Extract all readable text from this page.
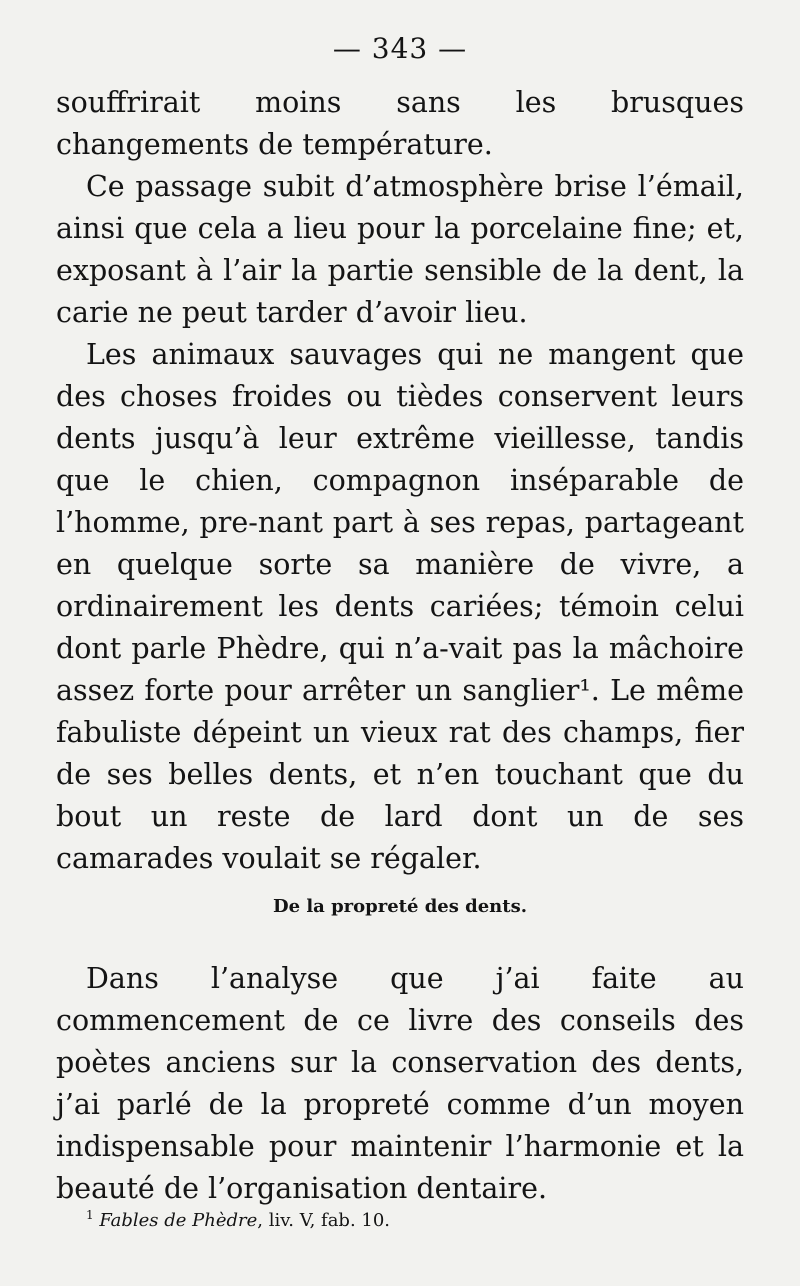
— 343 —

souffrirait moins sans les brusques changements de température.

Ce passage subit d’atmosphère brise l’émail, ainsi que cela a lieu pour la porcelaine fine; et, exposant à l’air la partie sensible de la dent, la carie ne peut tarder d’avoir lieu.

Les animaux sauvages qui ne mangent que des choses froides ou tièdes conservent leurs dents jusqu’à leur extrême vieillesse, tandis que le chien, compagnon inséparable de l’homme, pre-nant part à ses repas, partageant en quelque sorte sa manière de vivre, a ordinairement les dents cariées; témoin celui dont parle Phèdre, qui n’a-vait pas la mâchoire assez forte pour arrêter un sanglier¹. Le même fabuliste dépeint un vieux rat des champs, fier de ses belles dents, et n’en touchant que du bout un reste de lard dont un de ses camarades voulait se régaler.

De la propreté des dents.

Dans l’analyse que j’ai faite au commencement de ce livre des conseils des poètes anciens sur la conservation des dents, j’ai parlé de la propreté comme d’un moyen indispensable pour maintenir l’harmonie et la beauté de l’organisation dentaire.

$^1$ Fables de Phèdre, liv. V, fab. 10.
